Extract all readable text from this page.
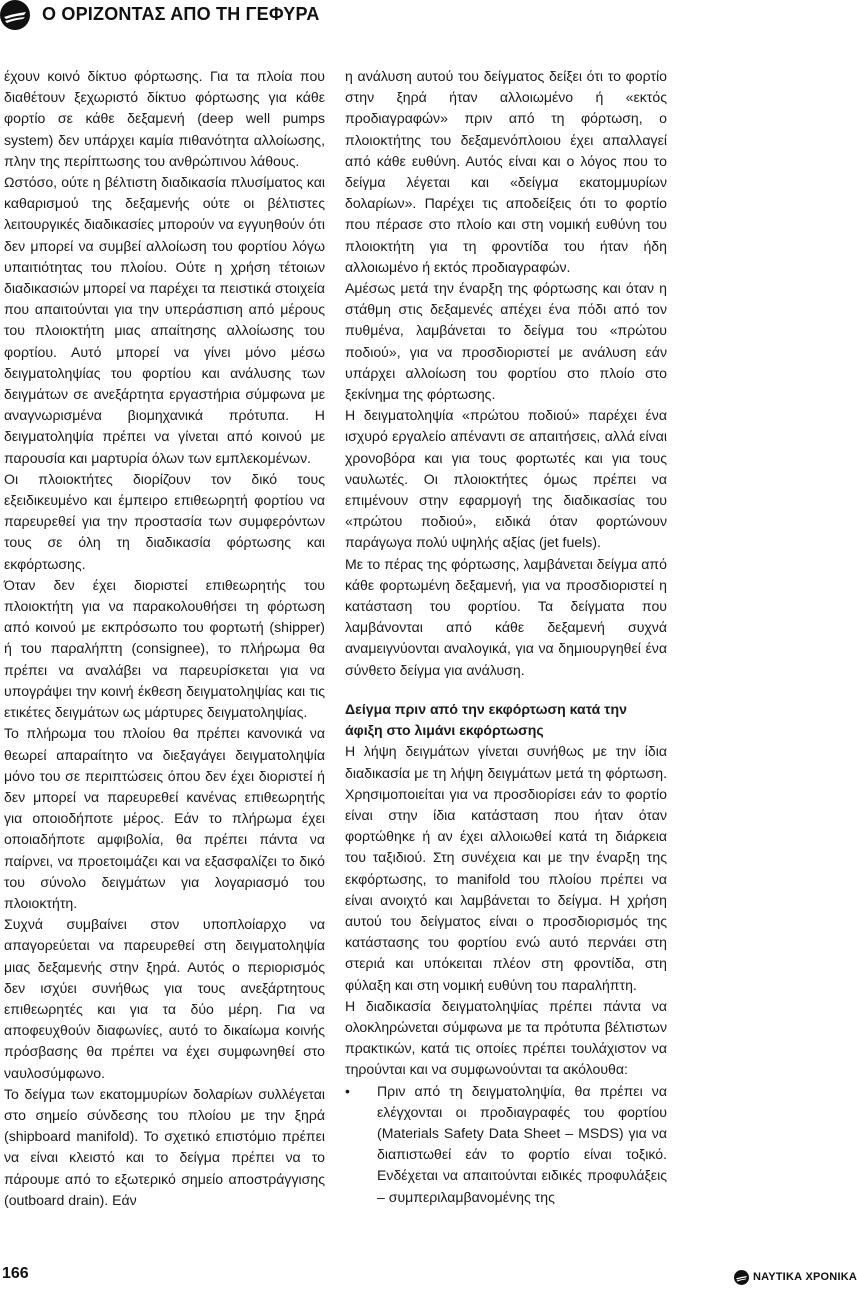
Ο ΟΡΙΖΟΝΤΑΣ ΑΠΟ ΤΗ ΓΕΦΥΡΑ

έχουν κοινό δίκτυο φόρτωσης. Για τα πλοία που διαθέτουν ξεχωριστό δίκτυο φόρτωσης για κάθε φορτίο σε κάθε δεξαμενή (deep well pumps system) δεν υπάρχει καμία πιθανότητα αλλοίωσης, πλην της περίπτωσης του ανθρώπινου λάθους.

Ωστόσο, ούτε η βέλτιστη διαδικασία πλυσίματος και καθαρισμού της δεξαμενής ούτε οι βέλτιστες λειτουργικές διαδικασίες μπορούν να εγγυηθούν ότι δεν μπορεί να συμβεί αλλοίωση του φορτίου λόγω υπαιτιότητας του πλοίου. Ούτε η χρήση τέτοιων διαδικασιών μπορεί να παρέχει τα πειστικά στοιχεία που απαιτούνται για την υπεράσπιση από μέρους του πλοιοκτήτη μιας απαίτησης αλλοίωσης του φορτίου. Αυτό μπορεί να γίνει μόνο μέσω δειγματοληψίας του φορτίου και ανάλυσης των δειγμάτων σε ανεξάρτητα εργαστήρια σύμφωνα με αναγνωρισμένα βιομηχανικά πρότυπα. Η δειγματοληψία πρέπει να γίνεται από κοινού με παρουσία και μαρτυρία όλων των εμπλεκομένων.

Οι πλοιοκτήτες διορίζουν τον δικό τους εξειδικευμένο και έμπειρο επιθεωρητή φορτίου να παρευρεθεί για την προστασία των συμφερόντων τους σε όλη τη διαδικασία φόρτωσης και εκφόρτωσης.

Όταν δεν έχει διοριστεί επιθεωρητής του πλοιοκτήτη για να παρακολουθήσει τη φόρτωση από κοινού με εκπρόσωπο του φορτωτή (shipper) ή του παραλήπτη (consignee), το πλήρωμα θα πρέπει να αναλάβει να παρευρίσκεται για να υπογράψει την κοινή έκθεση δειγματοληψίας και τις ετικέτες δειγμάτων ως μάρτυρες δειγματοληψίας.

Το πλήρωμα του πλοίου θα πρέπει κανονικά να θεωρεί απαραίτητο να διεξαγάγει δειγματοληψία μόνο του σε περιπτώσεις όπου δεν έχει διοριστεί ή δεν μπορεί να παρευρεθεί κανένας επιθεωρητής για οποιοδήποτε μέρος. Εάν το πλήρωμα έχει οποιαδήποτε αμφιβολία, θα πρέπει πάντα να παίρνει, να προετοιμάζει και να εξασφαλίζει το δικό του σύνολο δειγμάτων για λογαριασμό του πλοιοκτήτη.

Συχνά συμβαίνει στον υποπλοίαρχο να απαγορεύεται να παρευρεθεί στη δειγματοληψία μιας δεξαμενής στην ξηρά. Αυτός ο περιορισμός δεν ισχύει συνήθως για τους ανεξάρτητους επιθεωρητές και για τα δύο μέρη. Για να αποφευχθούν διαφωνίες, αυτό το δικαίωμα κοινής πρόσβασης θα πρέπει να έχει συμφωνηθεί στο ναυλοσύμφωνο.

Το δείγμα των εκατομμυρίων δολαρίων συλλέγεται στο σημείο σύνδεσης του πλοίου με την ξηρά (shipboard manifold). Το σχετικό επιστόμιο πρέπει να είναι κλειστό και το δείγμα πρέπει να το πάρουμε από το εξωτερικό σημείο αποστράγγισης (outboard drain). Εάν

η ανάλυση αυτού του δείγματος δείξει ότι το φορτίο στην ξηρά ήταν αλλοιωμένο ή «εκτός προδιαγραφών» πριν από τη φόρτωση, ο πλοιοκτήτης του δεξαμενόπλοιου έχει απαλλαγεί από κάθε ευθύνη. Αυτός είναι και ο λόγος που το δείγμα λέγεται και «δείγμα εκατομμυρίων δολαρίων». Παρέχει τις αποδείξεις ότι το φορτίο που πέρασε στο πλοίο και στη νομική ευθύνη του πλοιοκτήτη για τη φροντίδα του ήταν ήδη αλλοιωμένο ή εκτός προδιαγραφών.

Αμέσως μετά την έναρξη της φόρτωσης και όταν η στάθμη στις δεξαμενές απέχει ένα πόδι από τον πυθμένα, λαμβάνεται το δείγμα του «πρώτου ποδιού», για να προσδιοριστεί με ανάλυση εάν υπάρχει αλλοίωση του φορτίου στο πλοίο στο ξεκίνημα της φόρτωσης.

Η δειγματοληψία «πρώτου ποδιού» παρέχει ένα ισχυρό εργαλείο απέναντι σε απαιτήσεις, αλλά είναι χρονοβόρα και για τους φορτωτές και για τους ναυλωτές. Οι πλοιοκτήτες όμως πρέπει να επιμένουν στην εφαρμογή της διαδικασίας του «πρώτου ποδιού», ειδικά όταν φορτώνουν παράγωγα πολύ υψηλής αξίας (jet fuels).

Με το πέρας της φόρτωσης, λαμβάνεται δείγμα από κάθε φορτωμένη δεξαμενή, για να προσδιοριστεί η κατάσταση του φορτίου. Τα δείγματα που λαμβάνονται από κάθε δεξαμενή συχνά αναμειγνύονται αναλογικά, για να δημιουργηθεί ένα σύνθετο δείγμα για ανάλυση.

Δείγμα πριν από την εκφόρτωση κατά την άφιξη στο λιμάνι εκφόρτωσης

Η λήψη δειγμάτων γίνεται συνήθως με την ίδια διαδικασία με τη λήψη δειγμάτων μετά τη φόρτωση. Χρησιμοποιείται για να προσδιορίσει εάν το φορτίο είναι στην ίδια κατάσταση που ήταν όταν φορτώθηκε ή αν έχει αλλοιωθεί κατά τη διάρκεια του ταξιδιού. Στη συνέχεια και με την έναρξη της εκφόρτωσης, το manifold του πλοίου πρέπει να είναι ανοιχτό και λαμβάνεται το δείγμα. Η χρήση αυτού του δείγματος είναι ο προσδιορισμός της κατάστασης του φορτίου ενώ αυτό περνάει στη στεριά και υπόκειται πλέον στη φροντίδα, στη φύλαξη και στη νομική ευθύνη του παραλήπτη.

Η διαδικασία δειγματοληψίας πρέπει πάντα να ολοκληρώνεται σύμφωνα με τα πρότυπα βέλτιστων πρακτικών, κατά τις οποίες πρέπει τουλάχιστον να τηρούνται και να συμφωνούνται τα ακόλουθα:

• Πριν από τη δειγματοληψία, θα πρέπει να ελέγχονται οι προδιαγραφές του φορτίου (Materials Safety Data Sheet – MSDS) για να διαπιστωθεί εάν το φορτίο είναι τοξικό. Ενδέχεται να απαιτούνται ειδικές προφυλάξεις – συμπεριλαμβανομένης της
166	ΝΑΥΤΙΚΑ ΧΡΟΝΙΚΑ
